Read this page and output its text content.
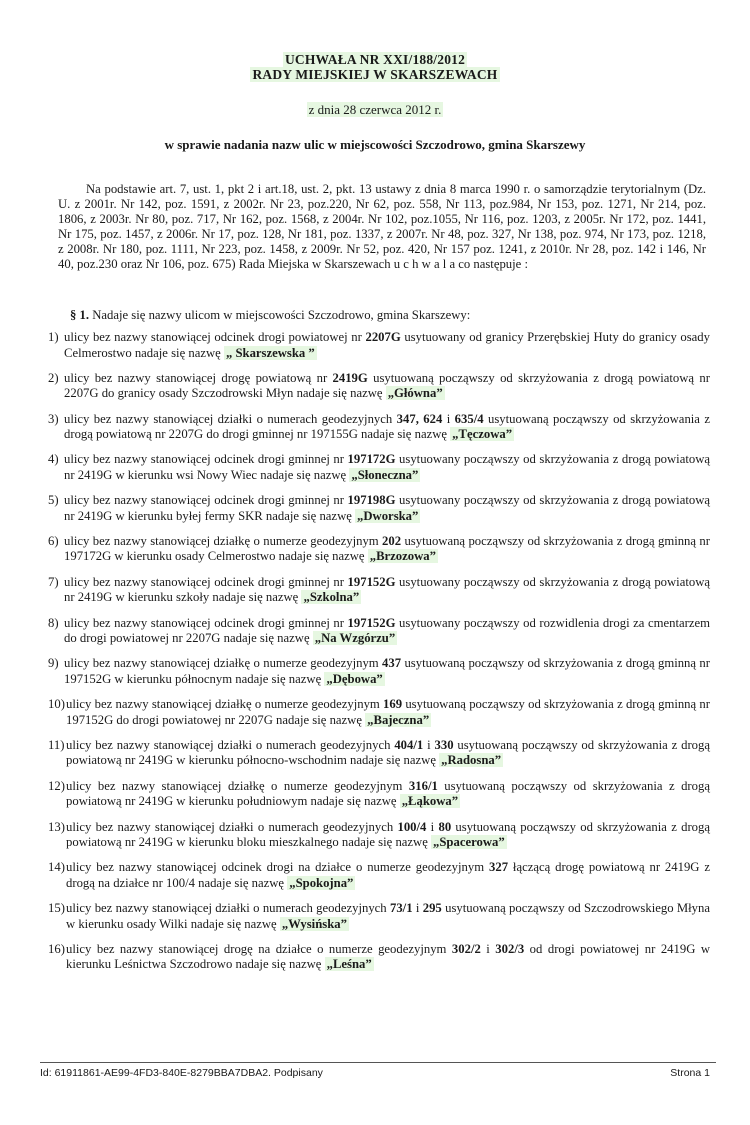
UCHWAŁA NR XXI/188/2012
RADY MIEJSKIEJ W SKARSZEWACH
z dnia 28 czerwca 2012 r.
w sprawie nadania nazw ulic w miejscowości Szczodrowo, gmina Skarszewy
Na podstawie art. 7, ust. 1, pkt 2 i art.18, ust. 2, pkt. 13 ustawy z dnia 8 marca 1990 r. o samorządzie terytorialnym (Dz. U. z 2001r. Nr 142, poz. 1591, z 2002r. Nr 23, poz.220, Nr 62, poz. 558, Nr 113, poz.984, Nr 153, poz. 1271, Nr 214, poz. 1806, z 2003r. Nr 80, poz. 717, Nr 162, poz. 1568, z 2004r. Nr 102, poz.1055, Nr 116, poz. 1203, z 2005r. Nr 172, poz. 1441, Nr 175, poz. 1457, z 2006r. Nr 17, poz. 128, Nr 181, poz. 1337, z 2007r. Nr 48, poz. 327, Nr 138, poz. 974, Nr 173, poz. 1218, z 2008r. Nr 180, poz. 1111, Nr 223, poz. 1458, z 2009r. Nr 52, poz. 420, Nr 157 poz. 1241, z 2010r. Nr 28, poz. 142 i 146, Nr 40, poz.230 oraz Nr 106, poz. 675) Rada Miejska w Skarszewach u c h w a l a co następuje :
§ 1. Nadaje się nazwy ulicom w miejscowości Szczodrowo, gmina Skarszewy:
1) ulicy bez nazwy stanowiącej odcinek drogi powiatowej nr 2207G usytuowany od granicy Przerębskiej Huty do granicy osady Celmerostwo nadaje się nazwę „ Skarszewska ”
2) ulicy bez nazwy stanowiącej drogę powiatową nr 2419G usytuowaną począwszy od skrzyżowania z drogą powiatową nr 2207G do granicy osady Szczodrowski Młyn nadaje się nazwę „Główna”
3) ulicy bez nazwy stanowiącej działki o numerach geodezyjnych 347, 624 i 635/4 usytuowaną począwszy od skrzyżowania z drogą powiatową nr 2207G do drogi gminnej nr 197155G nadaje się nazwę „Tęczowa”
4) ulicy bez nazwy stanowiącej odcinek drogi gminnej nr 197172G usytuowany począwszy od skrzyżowania z drogą powiatową nr 2419G w kierunku wsi Nowy Wiec nadaje się nazwę „Słoneczna”
5) ulicy bez nazwy stanowiącej odcinek drogi gminnej nr 197198G usytuowany począwszy od skrzyżowania z drogą powiatową nr 2419G w kierunku byłej fermy SKR nadaje się nazwę „Dworska”
6) ulicy bez nazwy stanowiącej działkę o numerze geodezyjnym 202 usytuowaną począwszy od skrzyżowania z drogą gminną nr 197172G w kierunku osady Celmerostwo nadaje się nazwę „Brzozowa”
7) ulicy bez nazwy stanowiącej odcinek drogi gminnej nr 197152G usytuowany począwszy od skrzyżowania z drogą powiatową nr 2419G w kierunku szkoły nadaje się nazwę „Szkolna”
8) ulicy bez nazwy stanowiącej odcinek drogi gminnej nr 197152G usytuowany począwszy od rozwidlenia drogi za cmentarzem do drogi powiatowej nr 2207G nadaje się nazwę „Na Wzgórzu”
9) ulicy bez nazwy stanowiącej działkę o numerze geodezyjnym 437 usytuowaną począwszy od skrzyżowania z drogą gminną nr 197152G w kierunku północnym nadaje się nazwę „Dębowa”
10) ulicy bez nazwy stanowiącej działkę o numerze geodezyjnym 169 usytuowaną począwszy od skrzyżowania z drogą gminną nr 197152G do drogi powiatowej nr 2207G nadaje się nazwę „Bajeczna”
11) ulicy bez nazwy stanowiącej działki o numerach geodezyjnych 404/1 i 330 usytuowaną począwszy od skrzyżowania z drogą powiatową nr 2419G w kierunku północno-wschodnim nadaje się nazwę „Radosna”
12) ulicy bez nazwy stanowiącej działkę o numerze geodezyjnym 316/1 usytuowaną począwszy od skrzyżowania z drogą powiatową nr 2419G w kierunku południowym nadaje się nazwę „Łąkowa”
13) ulicy bez nazwy stanowiącej działki o numerach geodezyjnych 100/4 i 80 usytuowaną począwszy od skrzyżowania z drogą powiatową nr 2419G w kierunku bloku mieszkalnego nadaje się nazwę „Spacerowa”
14) ulicy bez nazwy stanowiącej odcinek drogi na działce o numerze geodezyjnym 327 łączącą drogę powiatową nr 2419G z drogą na działce nr 100/4 nadaje się nazwę „Spokojna”
15) ulicy bez nazwy stanowiącej działki o numerach geodezyjnych 73/1 i 295 usytuowaną począwszy od Szczodrowskiego Młyna w kierunku osady Wilki nadaje się nazwę „Wysińska”
16) ulicy bez nazwy stanowiącej drogę na działce o numerze geodezyjnym 302/2 i 302/3 od drogi powiatowej nr 2419G w kierunku Leśnictwa Szczodrowo nadaje się nazwę „Leśna”
Id: 61911861-AE99-4FD3-840E-8279BBA7DBA2. Podpisany	Strona 1
